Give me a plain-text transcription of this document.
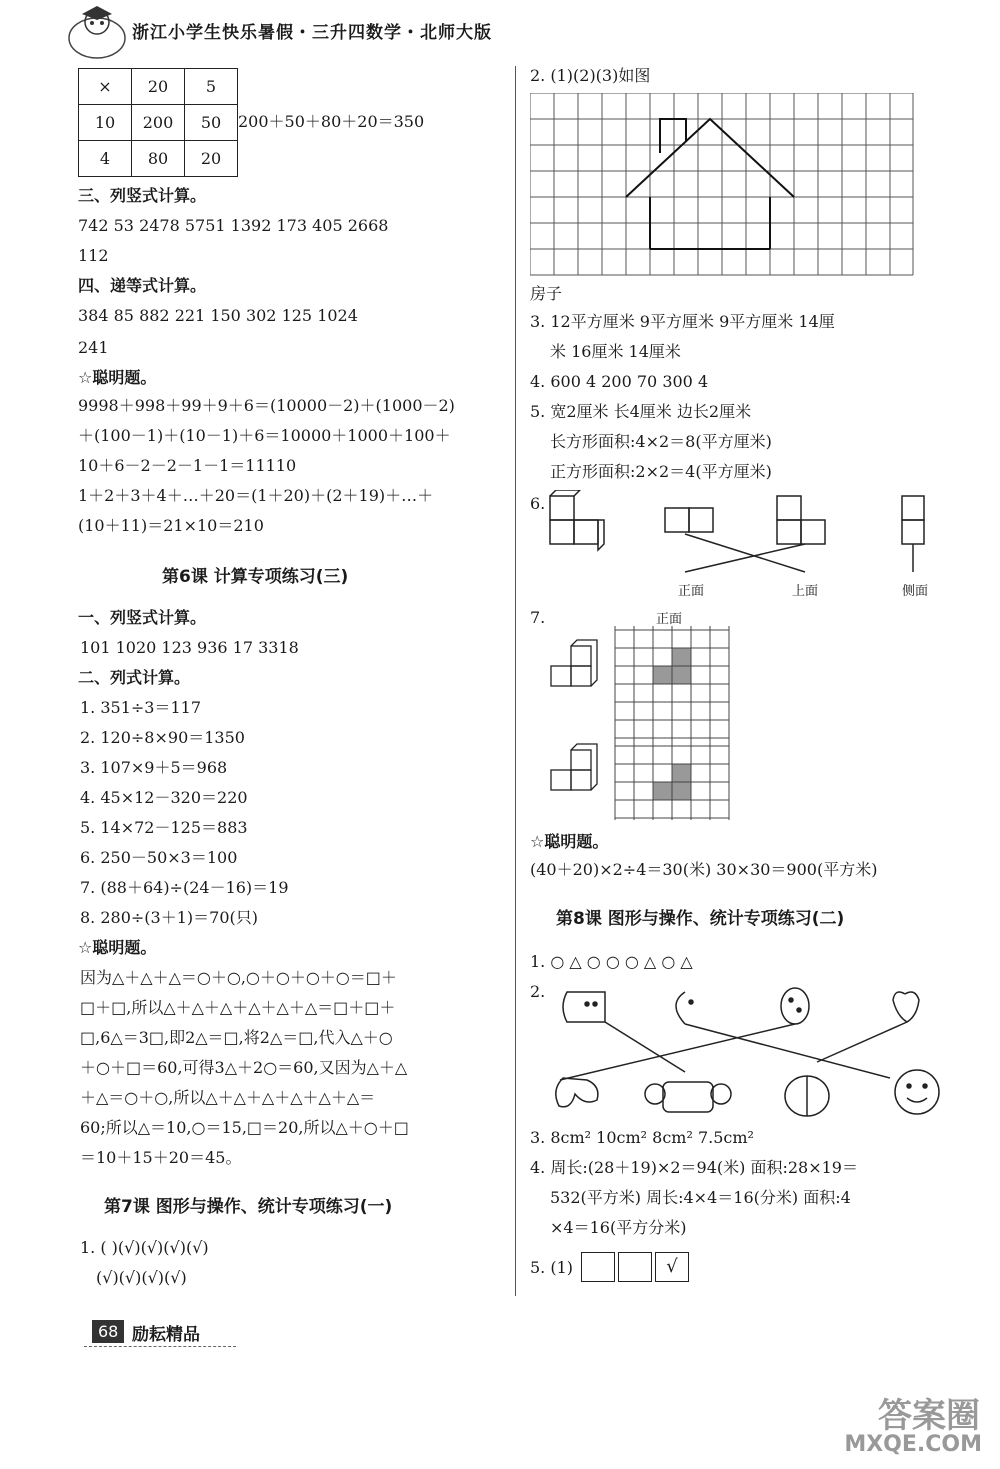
浙江小学生快乐暑假・三升四数学・北师大版
×	20	5
10	200	50
4	80	20
200＋50＋80＋20＝350
三、列竖式计算。
742 53 2478 5751 1392 173 405 2668
112
四、递等式计算。
384 85 882 221 150 302 125 1024
241
☆聪明题。
9998＋998＋99＋9＋6＝(10000－2)＋(1000－2)
＋(100－1)＋(10－1)＋6＝10000＋1000＋100＋
10＋6－2－2－1－1＝11110
1＋2＋3＋4＋…＋20＝(1＋20)＋(2＋19)＋…＋
(10＋11)＝21×10＝210
第6课 计算专项练习(三)
一、列竖式计算。
101 1020 123 936 17 3318
二、列式计算。
1. 351÷3＝117
2. 120÷8×90＝1350
3. 107×9＋5＝968
4. 45×12－320＝220
5. 14×72－125＝883
6. 250－50×3＝100
7. (88＋64)÷(24－16)＝19
8. 280÷(3＋1)＝70(只)
☆聪明题。
因为△＋△＋△＝○＋○,○＋○＋○＋○＝□＋
□＋□,所以△＋△＋△＋△＋△＋△＝□＋□＋
□,6△＝3□,即2△＝□,将2△＝□,代入△＋○
＋○＋□＝60,可得3△＋2○＝60,又因为△＋△
＋△＝○＋○,所以△＋△＋△＋△＋△＋△＝
60;所以△＝10,○＝15,□＝20,所以△＋○＋□
＝10＋15＋20＝45。
第7课 图形与操作、统计专项练习(一)
1. ( )(√)(√)(√)(√)
(√)(√)(√)(√)
68 励耘精品
2. (1)(2)(3)如图
房子
3. 12平方厘米 9平方厘米 9平方厘米 14厘
米 16厘米 14厘米
4. 600 4 200 70 300 4
5. 宽2厘米 长4厘米 边长2厘米
长方形面积:4×2＝8(平方厘米)
正方形面积:2×2＝4(平方厘米)
6.
正面	上面	侧面
7.	正面
☆聪明题。
(40＋20)×2÷4＝30(米) 30×30＝900(平方米)
第8课 图形与操作、统计专项练习(二)
1. ○ △ ○ ○ ○ △ ○ △
2.
3. 8cm² 10cm² 8cm² 7.5cm²
4. 周长:(28＋19)×2＝94(米) 面积:28×19＝
532(平方米) 周长:4×4＝16(分米) 面积:4
×4＝16(平方分米)
5. (1)	√
答案圈
MXQE.COM
